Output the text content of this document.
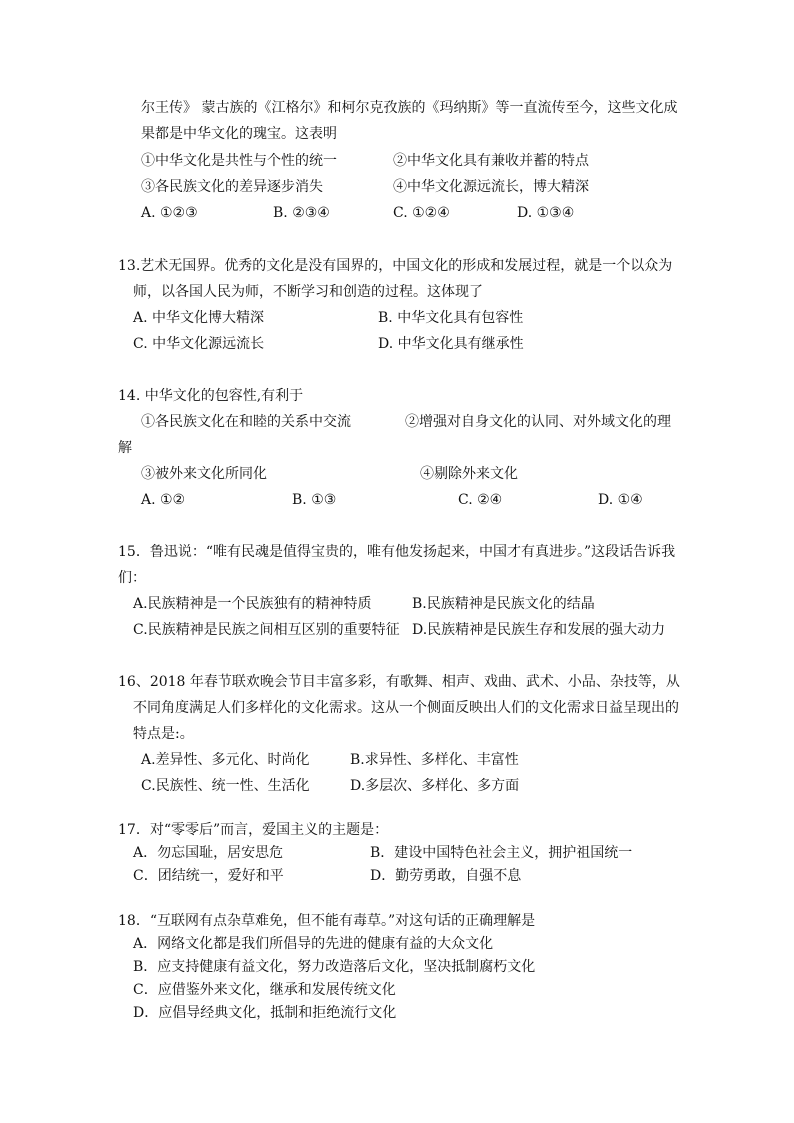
尔王传》 蒙古族的《江格尔》和柯尔克孜族的《玛纳斯》等一直流传至今，这些文化成
果都是中华文化的瑰宝。这表明
①中华文化是共性与个性的统一	②中华文化具有兼收并蓄的特点
③各民族文化的差异逐步消失	④中华文化源远流长，博大精深
A. ①②③	B. ②③④	C. ①②④	D. ①③④
13.艺术无国界。优秀的文化是没有国界的，中国文化的形成和发展过程，就是一个以众为
师，以各国人民为师，不断学习和创造的过程。这体现了
A. 中华文化博大精深	B. 中华文化具有包容性
C. 中华文化源远流长	D. 中华文化具有继承性
14. 中华文化的包容性,有利于
①各民族文化在和睦的关系中交流	②增强对自身文化的认同、对外域文化的理
解
③被外来文化所同化	④剔除外来文化
A. ①②	B. ①③	C. ②④	D. ①④
15．鲁迅说：“唯有民魂是值得宝贵的，唯有他发扬起来，中国才有真进步。”这段话告诉我
们：
A.民族精神是一个民族独有的精神特质	B.民族精神是民族文化的结晶
C.民族精神是民族之间相互区别的重要特征 D.民族精神是民族生存和发展的强大动力
16、2018 年春节联欢晚会节目丰富多彩，有歌舞、相声、戏曲、武术、小品、杂技等，从
不同角度满足人们多样化的文化需求。这从一个侧面反映出人们的文化需求日益呈现出的
特点是:。
A.差异性、多元化、时尚化	B.求异性、多样化、丰富性
C.民族性、统一性、生活化	D.多层次、多样化、多方面
17．对“零零后”而言，爱国主义的主题是：
A．勿忘国耻，居安思危	B．建设中国特色社会主义，拥护祖国统一
C．团结统一，爱好和平	D．勤劳勇敢，自强不息
18．“互联网有点杂草难免，但不能有毒草。”对这句话的正确理解是
A．网络文化都是我们所倡导的先进的健康有益的大众文化
B．应支持健康有益文化，努力改造落后文化，坚决抵制腐朽文化
C．应借鉴外来文化，继承和发展传统文化
D．应倡导经典文化，抵制和拒绝流行文化
